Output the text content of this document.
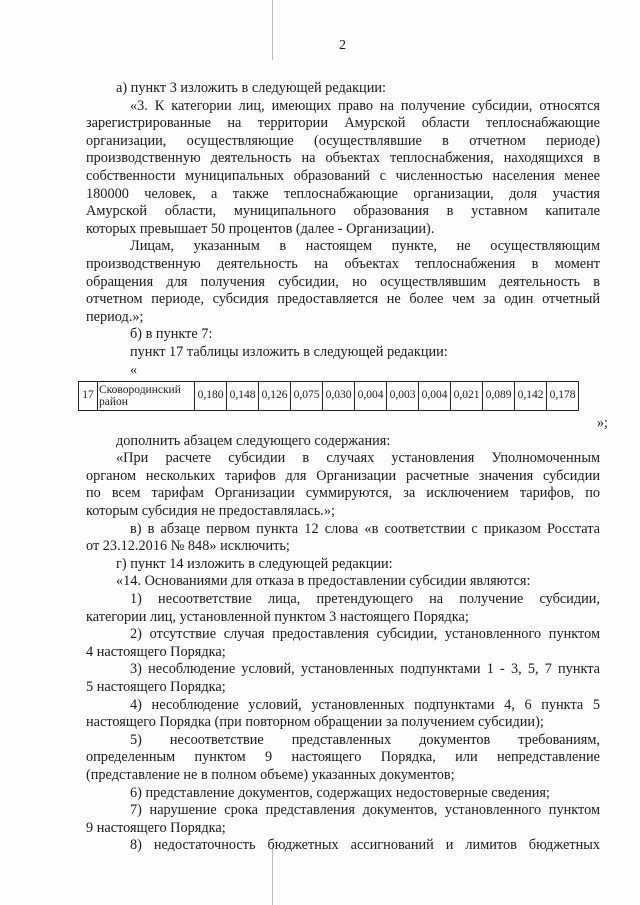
2
а) пункт 3 изложить в следующей редакции:
«3. К категории лиц, имеющих право на получение субсидии, относятся
зарегистрированные на территории Амурской области теплоснабжающие
организации, осуществляющие (осуществлявшие в отчетном периоде)
производственную деятельность на объектах теплоснабжения, находящихся в
собственности муниципальных образований с численностью населения менее
180000 человек, а также теплоснабжающие организации, доля участия
Амурской области, муниципального образования в уставном капитале
которых превышает 50 процентов (далее - Организации).
Лицам, указанным в настоящем пункте, не осуществляющим
производственную деятельность на объектах теплоснабжения в момент
обращения для получения субсидии, но осуществлявшим деятельность в
отчетном периоде, субсидия предоставляется не более чем за один отчетный
период.»;
б) в пункте 7:
пункт 17 таблицы изложить в следующей редакции:
«
17	Сковородинский район	0,180	0,148	0,126	0,075	0,030	0,004	0,003	0,004	0,021	0,089	0,142	0,178
»;
дополнить абзацем следующего содержания:
«При расчете субсидии в случаях установления Уполномоченным
органом нескольких тарифов для Организации расчетные значения субсидии
по всем тарифам Организации суммируются, за исключением тарифов, по
которым субсидия не предоставлялась.»;
в) в абзаце первом пункта 12 слова «в соответствии с приказом Росстата
от 23.12.2016 № 848» исключить;
г) пункт 14 изложить в следующей редакции:
«14. Основаниями для отказа в предоставлении субсидии являются:
1) несоответствие лица, претендующего на получение субсидии,
категории лиц, установленной пунктом 3 настоящего Порядка;
2) отсутствие случая предоставления субсидии, установленного пунктом
4 настоящего Порядка;
3) несоблюдение условий, установленных подпунктами 1 - 3, 5, 7 пункта
5 настоящего Порядка;
4) несоблюдение условий, установленных подпунктами 4, 6 пункта 5
настоящего Порядка (при повторном обращении за получением субсидии);
5) несоответствие представленных документов требованиям,
определенным пунктом 9 настоящего Порядка, или непредставление
(представление не в полном объеме) указанных документов;
6) представление документов, содержащих недостоверные сведения;
7) нарушение срока представления документов, установленного пунктом
9 настоящего Порядка;
8) недостаточность бюджетных ассигнований и лимитов бюджетных
